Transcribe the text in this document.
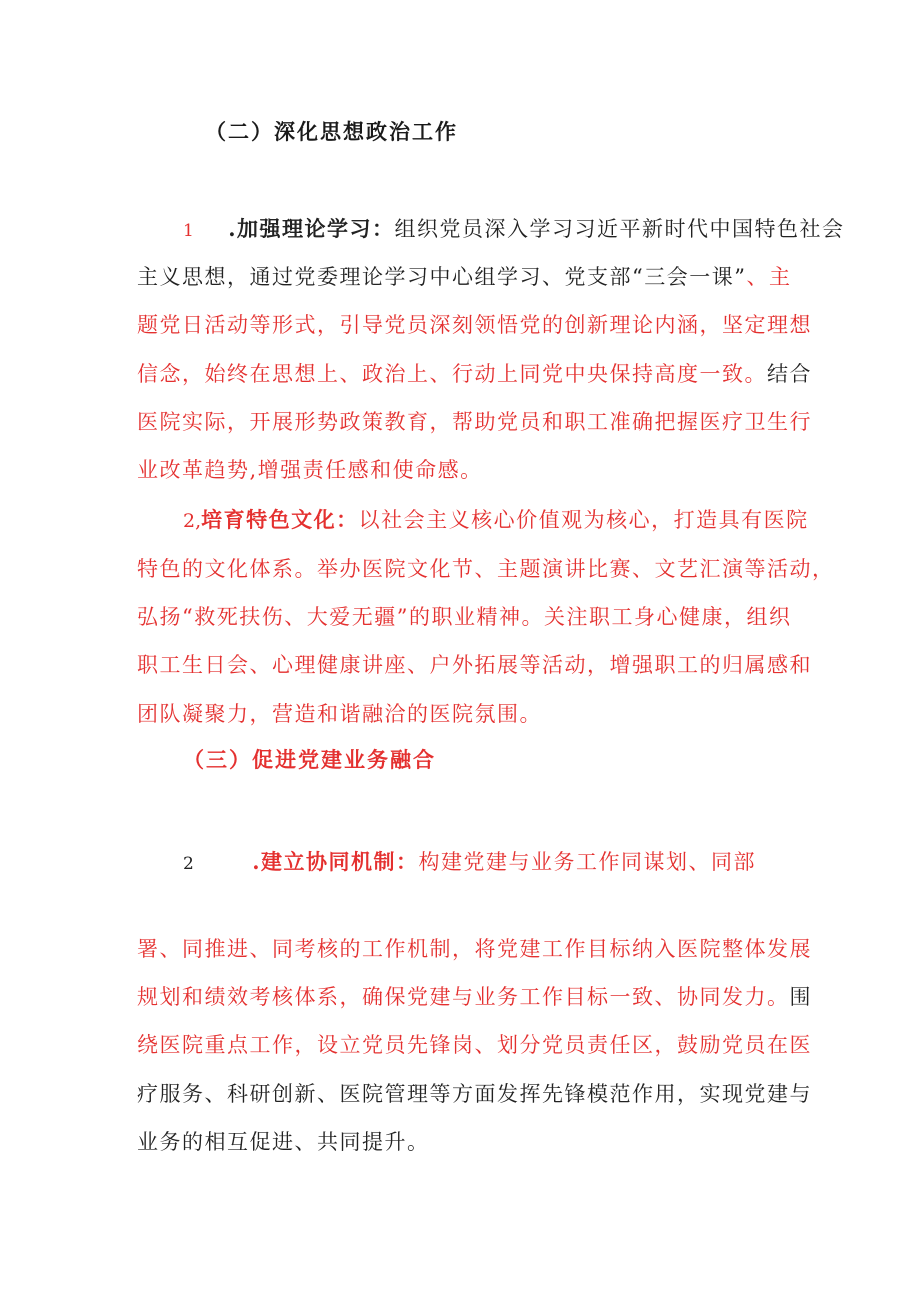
（二）深化思想政治工作
1 .加强理论学习：组织党员深入学习习近平新时代中国特色社会
主义思想，通过党委理论学习中心组学习、党支部“三会一课”、主
题党日活动等形式，引导党员深刻领悟党的创新理论内涵，坚定理想
信念，始终在思想上、政治上、行动上同党中央保持高度一致。结合
医院实际，开展形势政策教育，帮助党员和职工准确把握医疗卫生行
业改革趋势,增强责任感和使命感。
2,培育特色文化：以社会主义核心价值观为核心，打造具有医院
特色的文化体系。举办医院文化节、主题演讲比赛、文艺汇演等活动，
弘扬“救死扶伤、大爱无疆”的职业精神。关注职工身心健康，组织
职工生日会、心理健康讲座、户外拓展等活动，增强职工的归属感和
团队凝聚力，营造和谐融洽的医院氛围。
（三）促进党建业务融合
2	.建立协同机制：构建党建与业务工作同谋划、同部
署、同推进、同考核的工作机制，将党建工作目标纳入医院整体发展
规划和绩效考核体系，确保党建与业务工作目标一致、协同发力。围
绕医院重点工作，设立党员先锋岗、划分党员责任区，鼓励党员在医
疗服务、科研创新、医院管理等方面发挥先锋模范作用，实现党建与
业务的相互促进、共同提升。
